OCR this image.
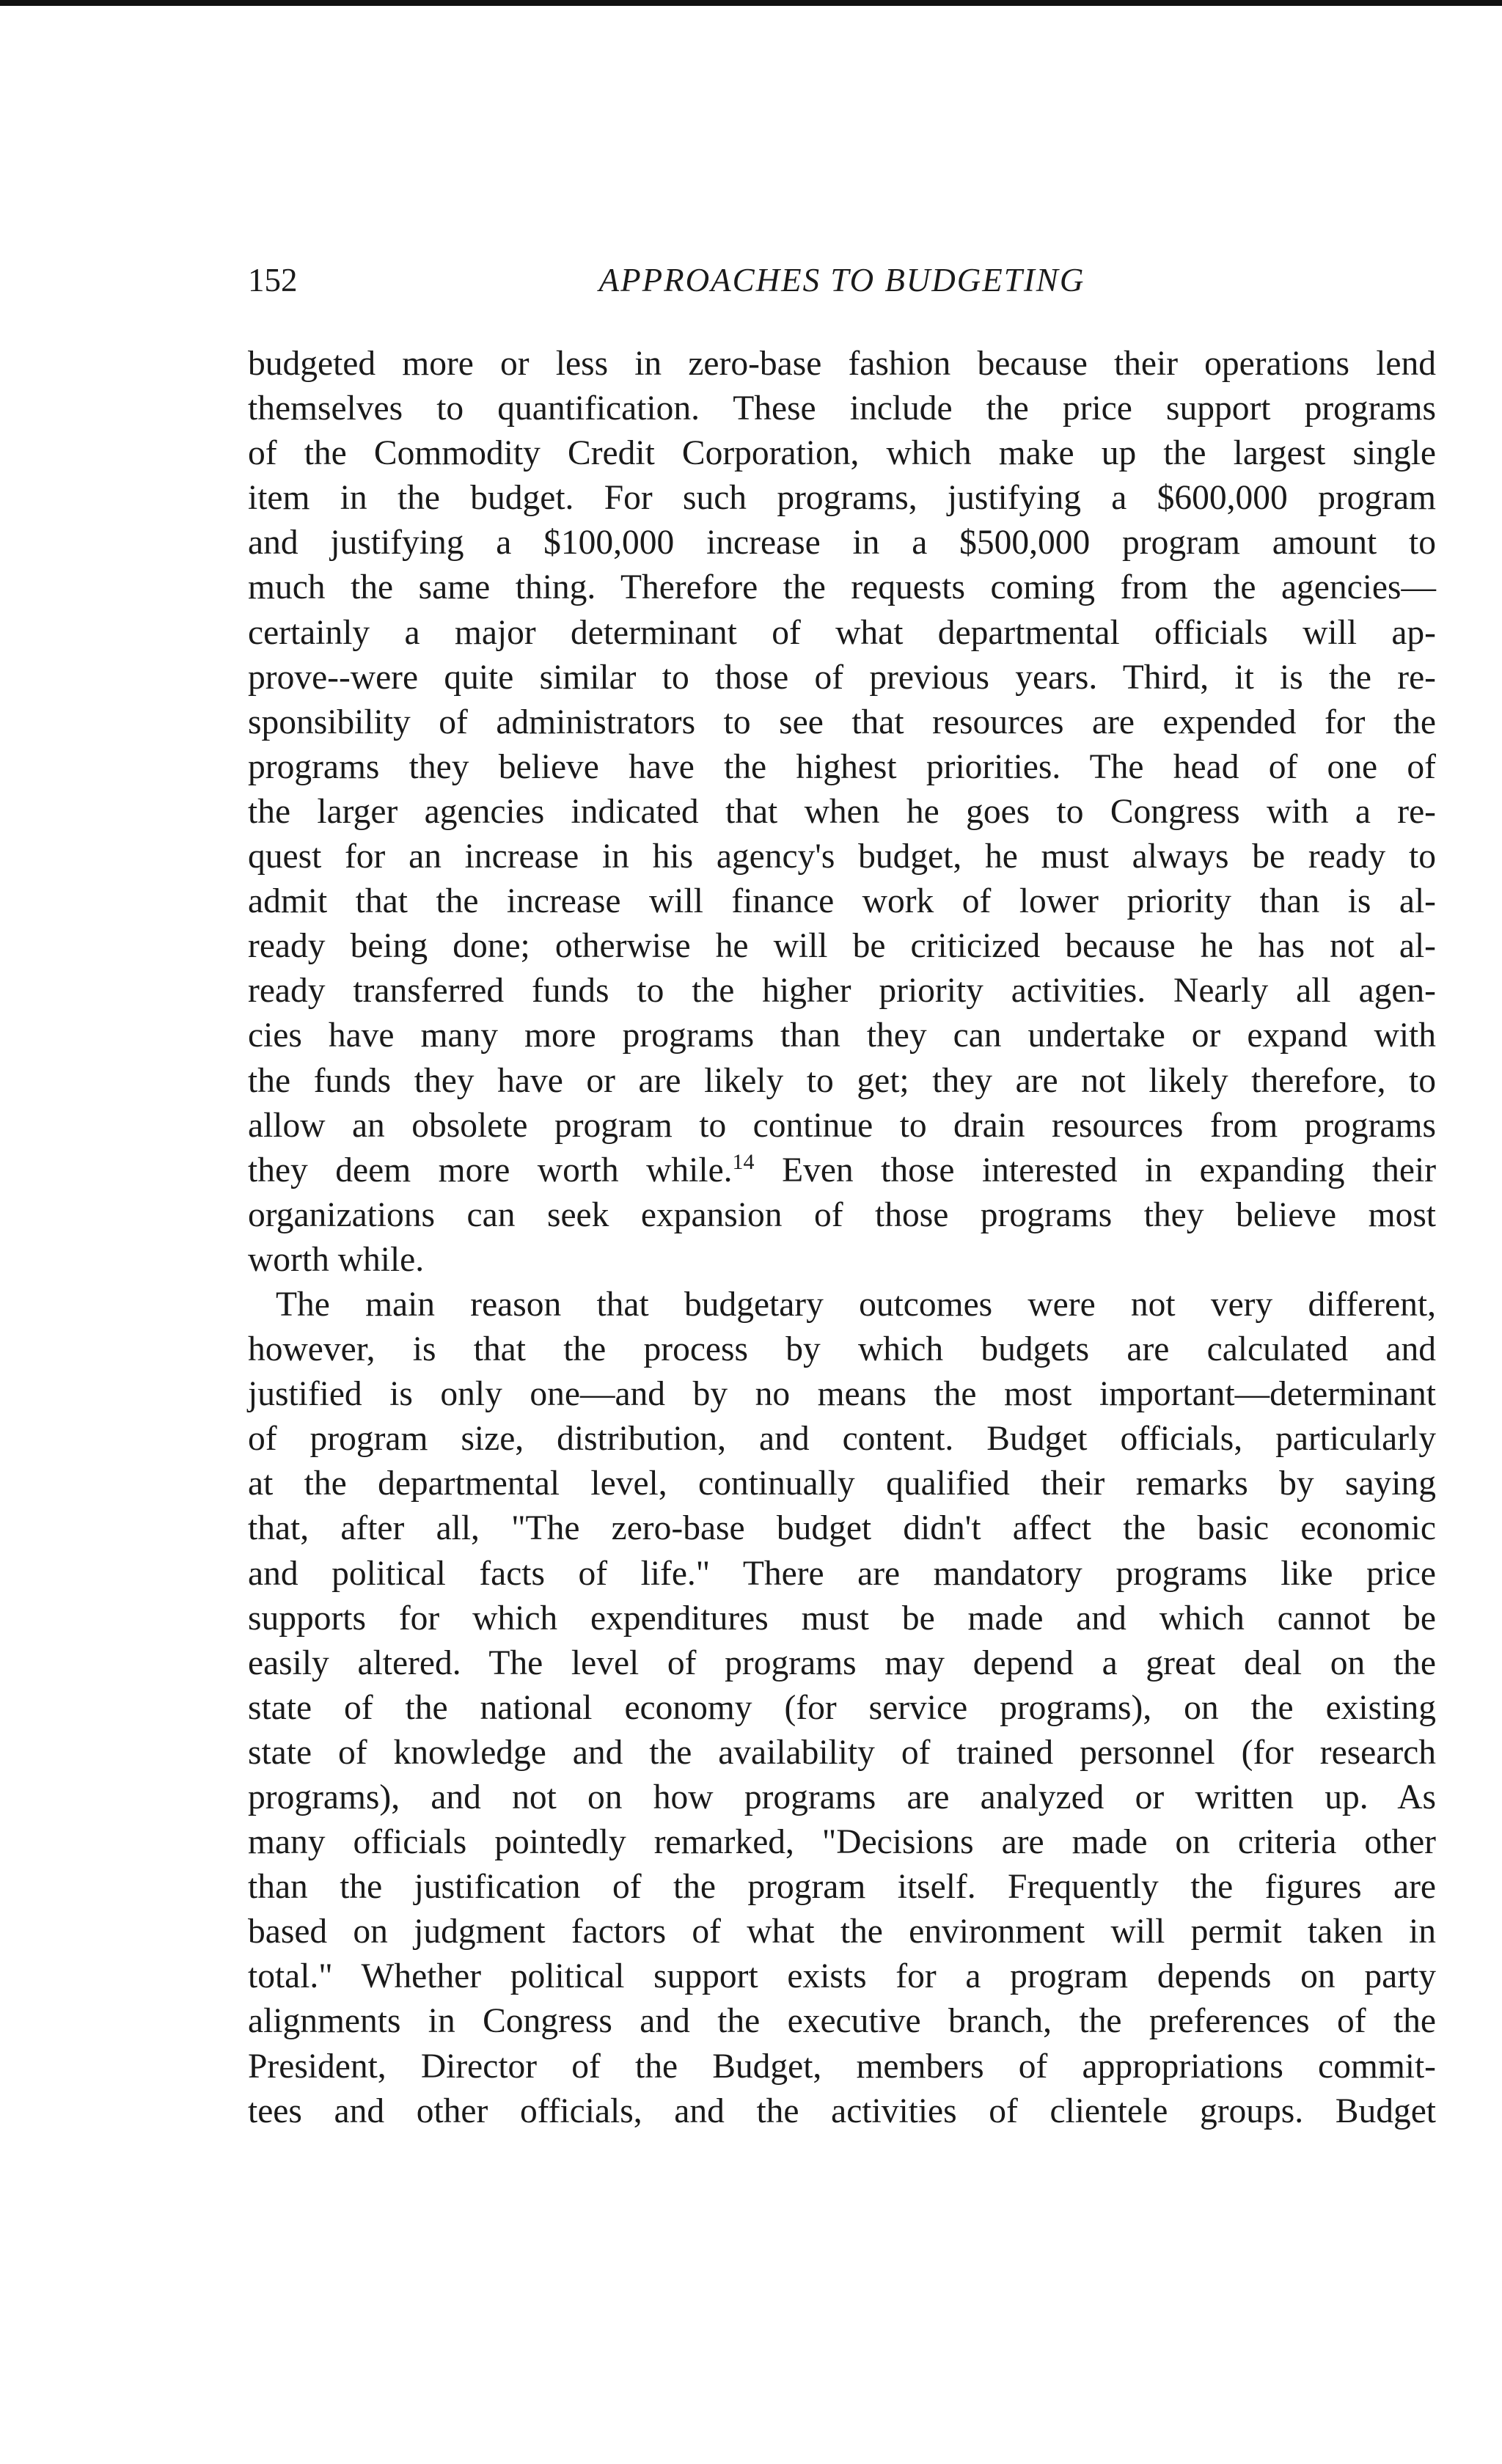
152	APPROACHES TO BUDGETING
budgeted more or less in zero-base fashion because their operations lend
themselves to quantification. These include the price support programs
of the Commodity Credit Corporation, which make up the largest single
item in the budget. For such programs, justifying a $600,000 program
and justifying a $100,000 increase in a $500,000 program amount to
much the same thing. Therefore the requests coming from the agencies—
certainly a major determinant of what departmental officials will ap-
prove--were quite similar to those of previous years. Third, it is the re-
sponsibility of administrators to see that resources are expended for the
programs they believe have the highest priorities. The head of one of
the larger agencies indicated that when he goes to Congress with a re-
quest for an increase in his agency's budget, he must always be ready to
admit that the increase will finance work of lower priority than is al-
ready being done; otherwise he will be criticized because he has not al-
ready transferred funds to the higher priority activities. Nearly all agen-
cies have many more programs than they can undertake or expand with
the funds they have or are likely to get; they are not likely therefore, to
allow an obsolete program to continue to drain resources from programs
they deem more worth while.$^{14}$ Even those interested in expanding their
organizations can seek expansion of those programs they believe most
worth while.
The main reason that budgetary outcomes were not very different,
however, is that the process by which budgets are calculated and
justified is only one—and by no means the most important—determinant
of program size, distribution, and content. Budget officials, particularly
at the departmental level, continually qualified their remarks by saying
that, after all, "The zero-base budget didn't affect the basic economic
and political facts of life." There are mandatory programs like price
supports for which expenditures must be made and which cannot be
easily altered. The level of programs may depend a great deal on the
state of the national economy (for service programs), on the existing
state of knowledge and the availability of trained personnel (for research
programs), and not on how programs are analyzed or written up. As
many officials pointedly remarked, "Decisions are made on criteria other
than the justification of the program itself. Frequently the figures are
based on judgment factors of what the environment will permit taken in
total." Whether political support exists for a program depends on party
alignments in Congress and the executive branch, the preferences of the
President, Director of the Budget, members of appropriations commit-
tees and other officials, and the activities of clientele groups. Budget
